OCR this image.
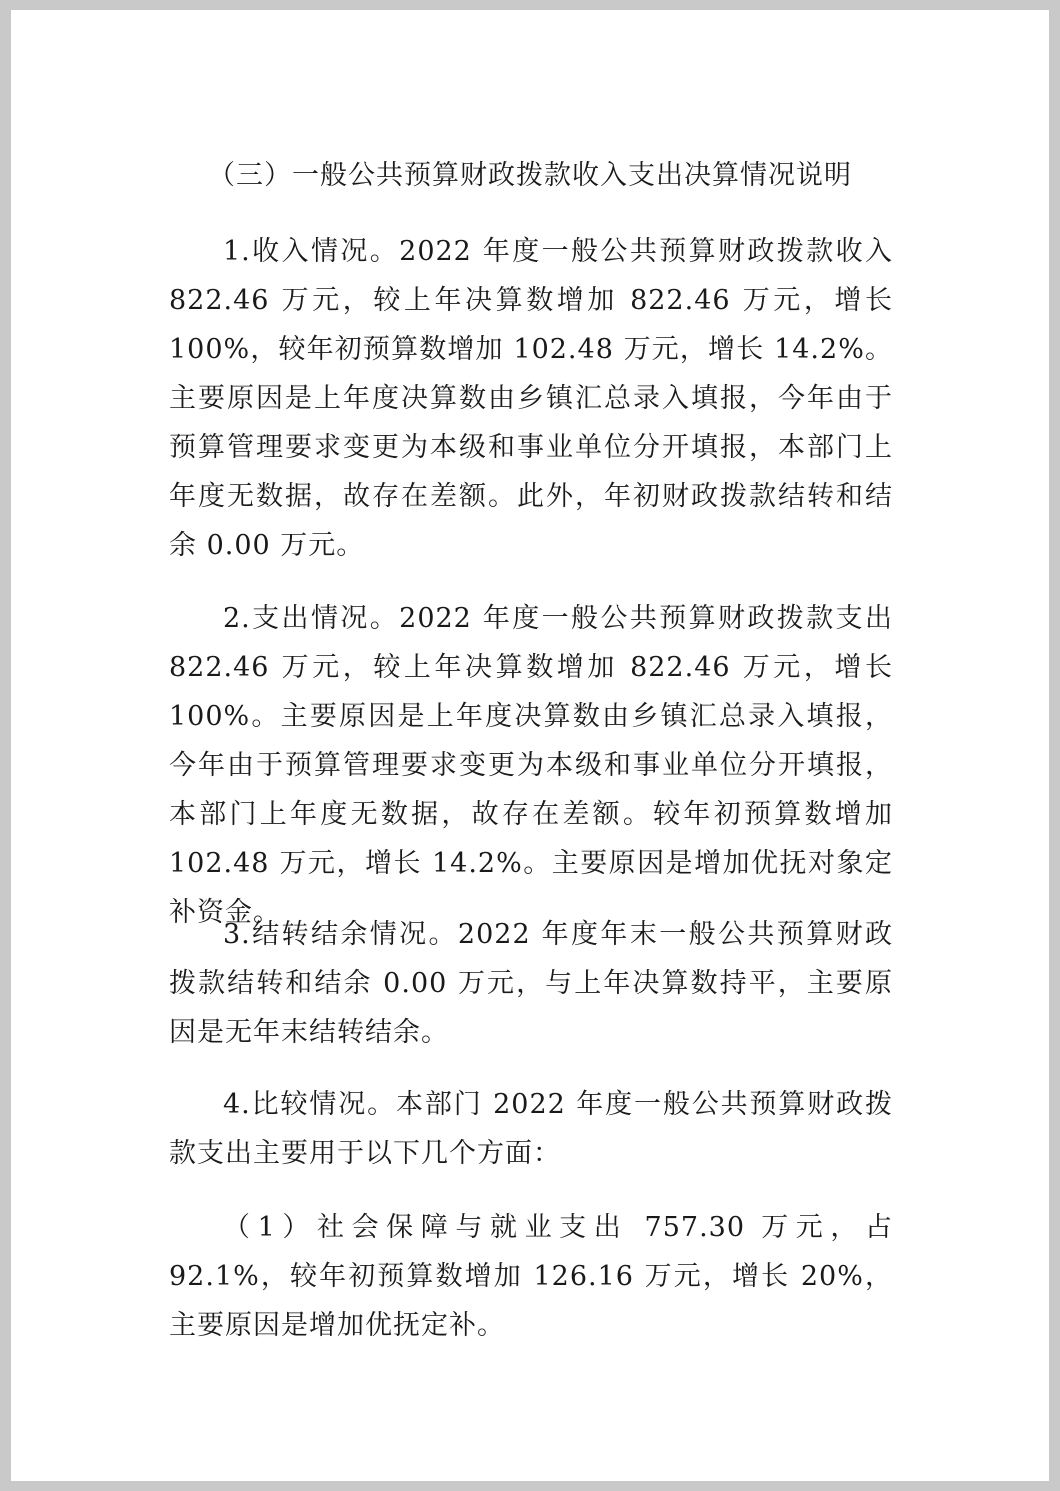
（三）一般公共预算财政拨款收入支出决算情况说明

1.收入情况。2022 年度一般公共预算财政拨款收入 822.46 万元，较上年决算数增加 822.46 万元，增长 100%，较年初预算数增加 102.48 万元，增长 14.2%。主要原因是上年度决算数由乡镇汇总录入填报，今年由于预算管理要求变更为本级和事业单位分开填报，本部门上年度无数据，故存在差额。此外，年初财政拨款结转和结余 0.00 万元。

2.支出情况。2022 年度一般公共预算财政拨款支出 822.46 万元，较上年决算数增加 822.46 万元，增长 100%。主要原因是上年度决算数由乡镇汇总录入填报，今年由于预算管理要求变更为本级和事业单位分开填报，本部门上年度无数据，故存在差额。较年初预算数增加 102.48 万元，增长 14.2%。主要原因是增加优抚对象定补资金。

3.结转结余情况。2022 年度年末一般公共预算财政拨款结转和结余 0.00 万元，与上年决算数持平，主要原因是无年末结转结余。

4.比较情况。本部门 2022 年度一般公共预算财政拨款支出主要用于以下几个方面：

（1）社会保障与就业支出 757.30 万元，占 92.1%，较年初预算数增加 126.16 万元，增长 20%，主要原因是增加优抚定补。
